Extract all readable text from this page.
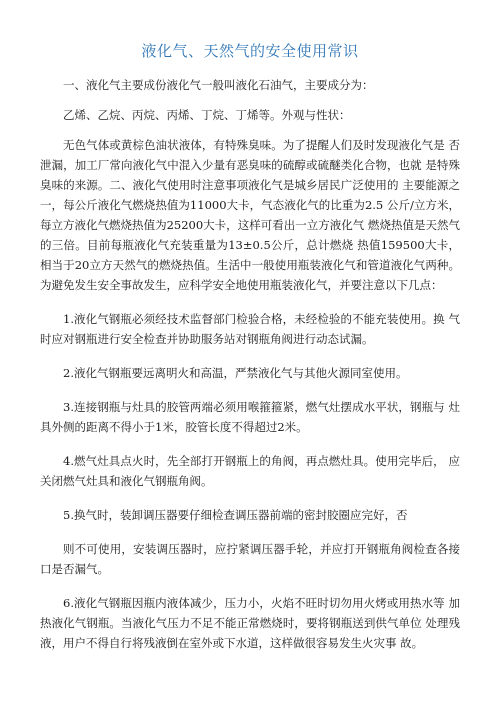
液化气、天然气的安全使用常识

一、液化气主要成份液化气一般叫液化石油气，主要成分为：

乙烯、乙烷、丙烷、丙烯、丁烷、丁烯等。外观与性状：

无色气体或黄棕色油状液体，有特殊臭味。为了提醒人们及时发现液化气是 否泄漏，加工厂常向液化气中混入少量有恶臭味的硫醇或硫醚类化合物，也就 是特殊臭味的来源。二、液化气使用时注意事项液化气是城乡居民广泛使用的 主要能源之一，每公斤液化气燃烧热值为11000大卡，气态液化气的比重为2.5 公斤/立方米，每立方液化气燃烧热值为25200大卡，这样可看出一立方液化气 燃烧热值是天然气的三倍。目前每瓶液化气充装重量为13±0.5公斤，总计燃烧 热值159500大卡，相当于20立方天然气的燃烧热值。生活中一般使用瓶装液化气和管道液化气两种。为避免发生安全事故发生，应科学安全地使用瓶装液化气，并要注意以下几点：

1.液化气钢瓶必须经技术监督部门检验合格，未经检验的不能充装使用。换 气时应对钢瓶进行安全检查并协助服务站对钢瓶角阀进行动态试漏。

2.液化气钢瓶要远离明火和高温，严禁液化气与其他火源同室使用。

3.连接钢瓶与灶具的胶管两端必须用喉箍箍紧，燃气灶摆成水平状，钢瓶与 灶具外侧的距离不得小于1米，胶管长度不得超过2米。

4.燃气灶具点火时，先全部打开钢瓶上的角阀，再点燃灶具。使用完毕后， 应关闭燃气灶具和液化气钢瓶角阀。

5.换气时，装卸调压器要仔细检查调压器前端的密封胶圈应完好，否

则不可使用，安装调压器时，应拧紧调压器手轮，并应打开钢瓶角阀检查各接口是否漏气。

6.液化气钢瓶因瓶内液体减少，压力小，火焰不旺时切勿用火烤或用热水等 加热液化气钢瓶。当液化气压力不足不能正常燃烧时，要将钢瓶送到供气单位 处理残液，用户不得自行将残液倒在室外或下水道，这样做很容易发生火灾事 故。
